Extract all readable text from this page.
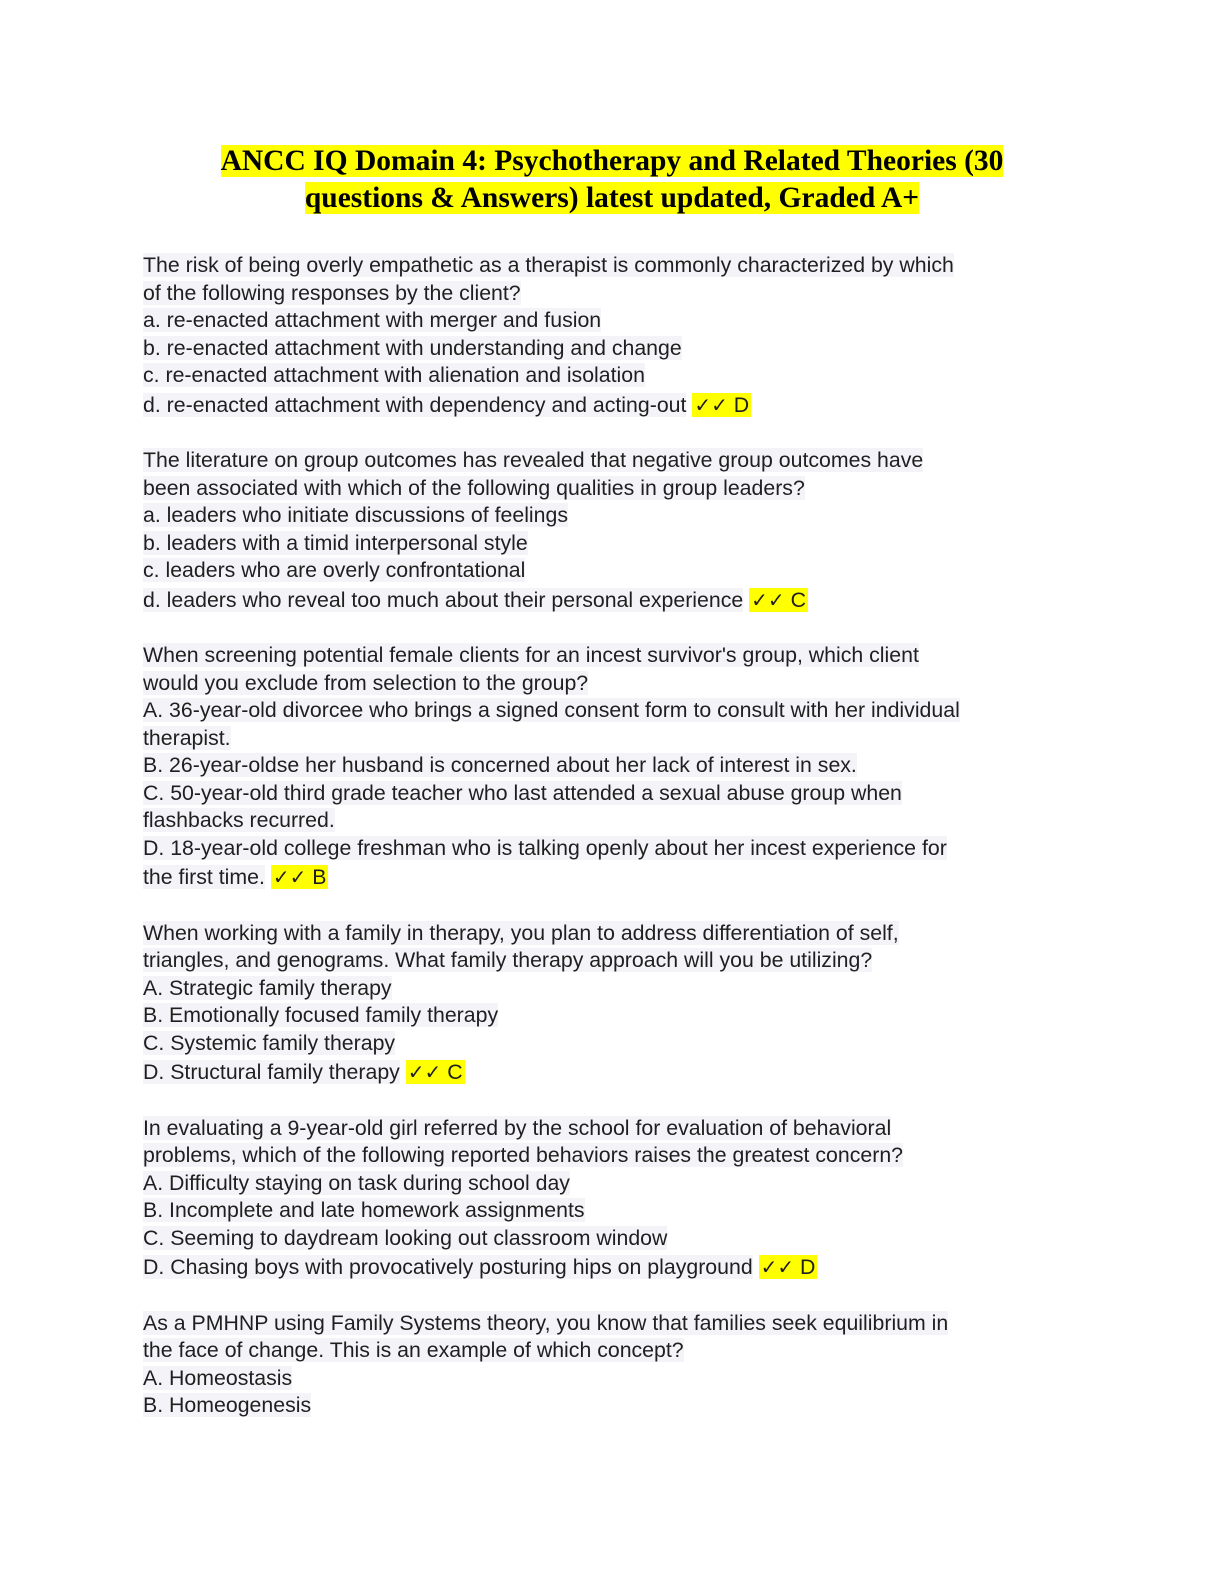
ANCC IQ Domain 4: Psychotherapy and Related Theories (30
questions & Answers) latest updated, Graded A+
The risk of being overly empathetic as a therapist is commonly characterized by which
of the following responses by the client?
a. re-enacted attachment with merger and fusion
b. re-enacted attachment with understanding and change
c. re-enacted attachment with alienation and isolation
d. re-enacted attachment with dependency and acting-out ✓✓ D
The literature on group outcomes has revealed that negative group outcomes have
been associated with which of the following qualities in group leaders?
a. leaders who initiate discussions of feelings
b. leaders with a timid interpersonal style
c. leaders who are overly confrontational
d. leaders who reveal too much about their personal experience ✓✓ C
When screening potential female clients for an incest survivor's group, which client
would you exclude from selection to the group?
A. 36-year-old divorcee who brings a signed consent form to consult with her individual
therapist.
B. 26-year-oldse her husband is concerned about her lack of interest in sex.
C. 50-year-old third grade teacher who last attended a sexual abuse group when
flashbacks recurred.
D. 18-year-old college freshman who is talking openly about her incest experience for
the first time. ✓✓ B
When working with a family in therapy, you plan to address differentiation of self,
triangles, and genograms. What family therapy approach will you be utilizing?
A. Strategic family therapy
B. Emotionally focused family therapy
C. Systemic family therapy
D. Structural family therapy ✓✓ C
In evaluating a 9-year-old girl referred by the school for evaluation of behavioral
problems, which of the following reported behaviors raises the greatest concern?
A. Difficulty staying on task during school day
B. Incomplete and late homework assignments
C. Seeming to daydream looking out classroom window
D. Chasing boys with provocatively posturing hips on playground ✓✓ D
As a PMHNP using Family Systems theory, you know that families seek equilibrium in
the face of change. This is an example of which concept?
A. Homeostasis
B. Homeogenesis
